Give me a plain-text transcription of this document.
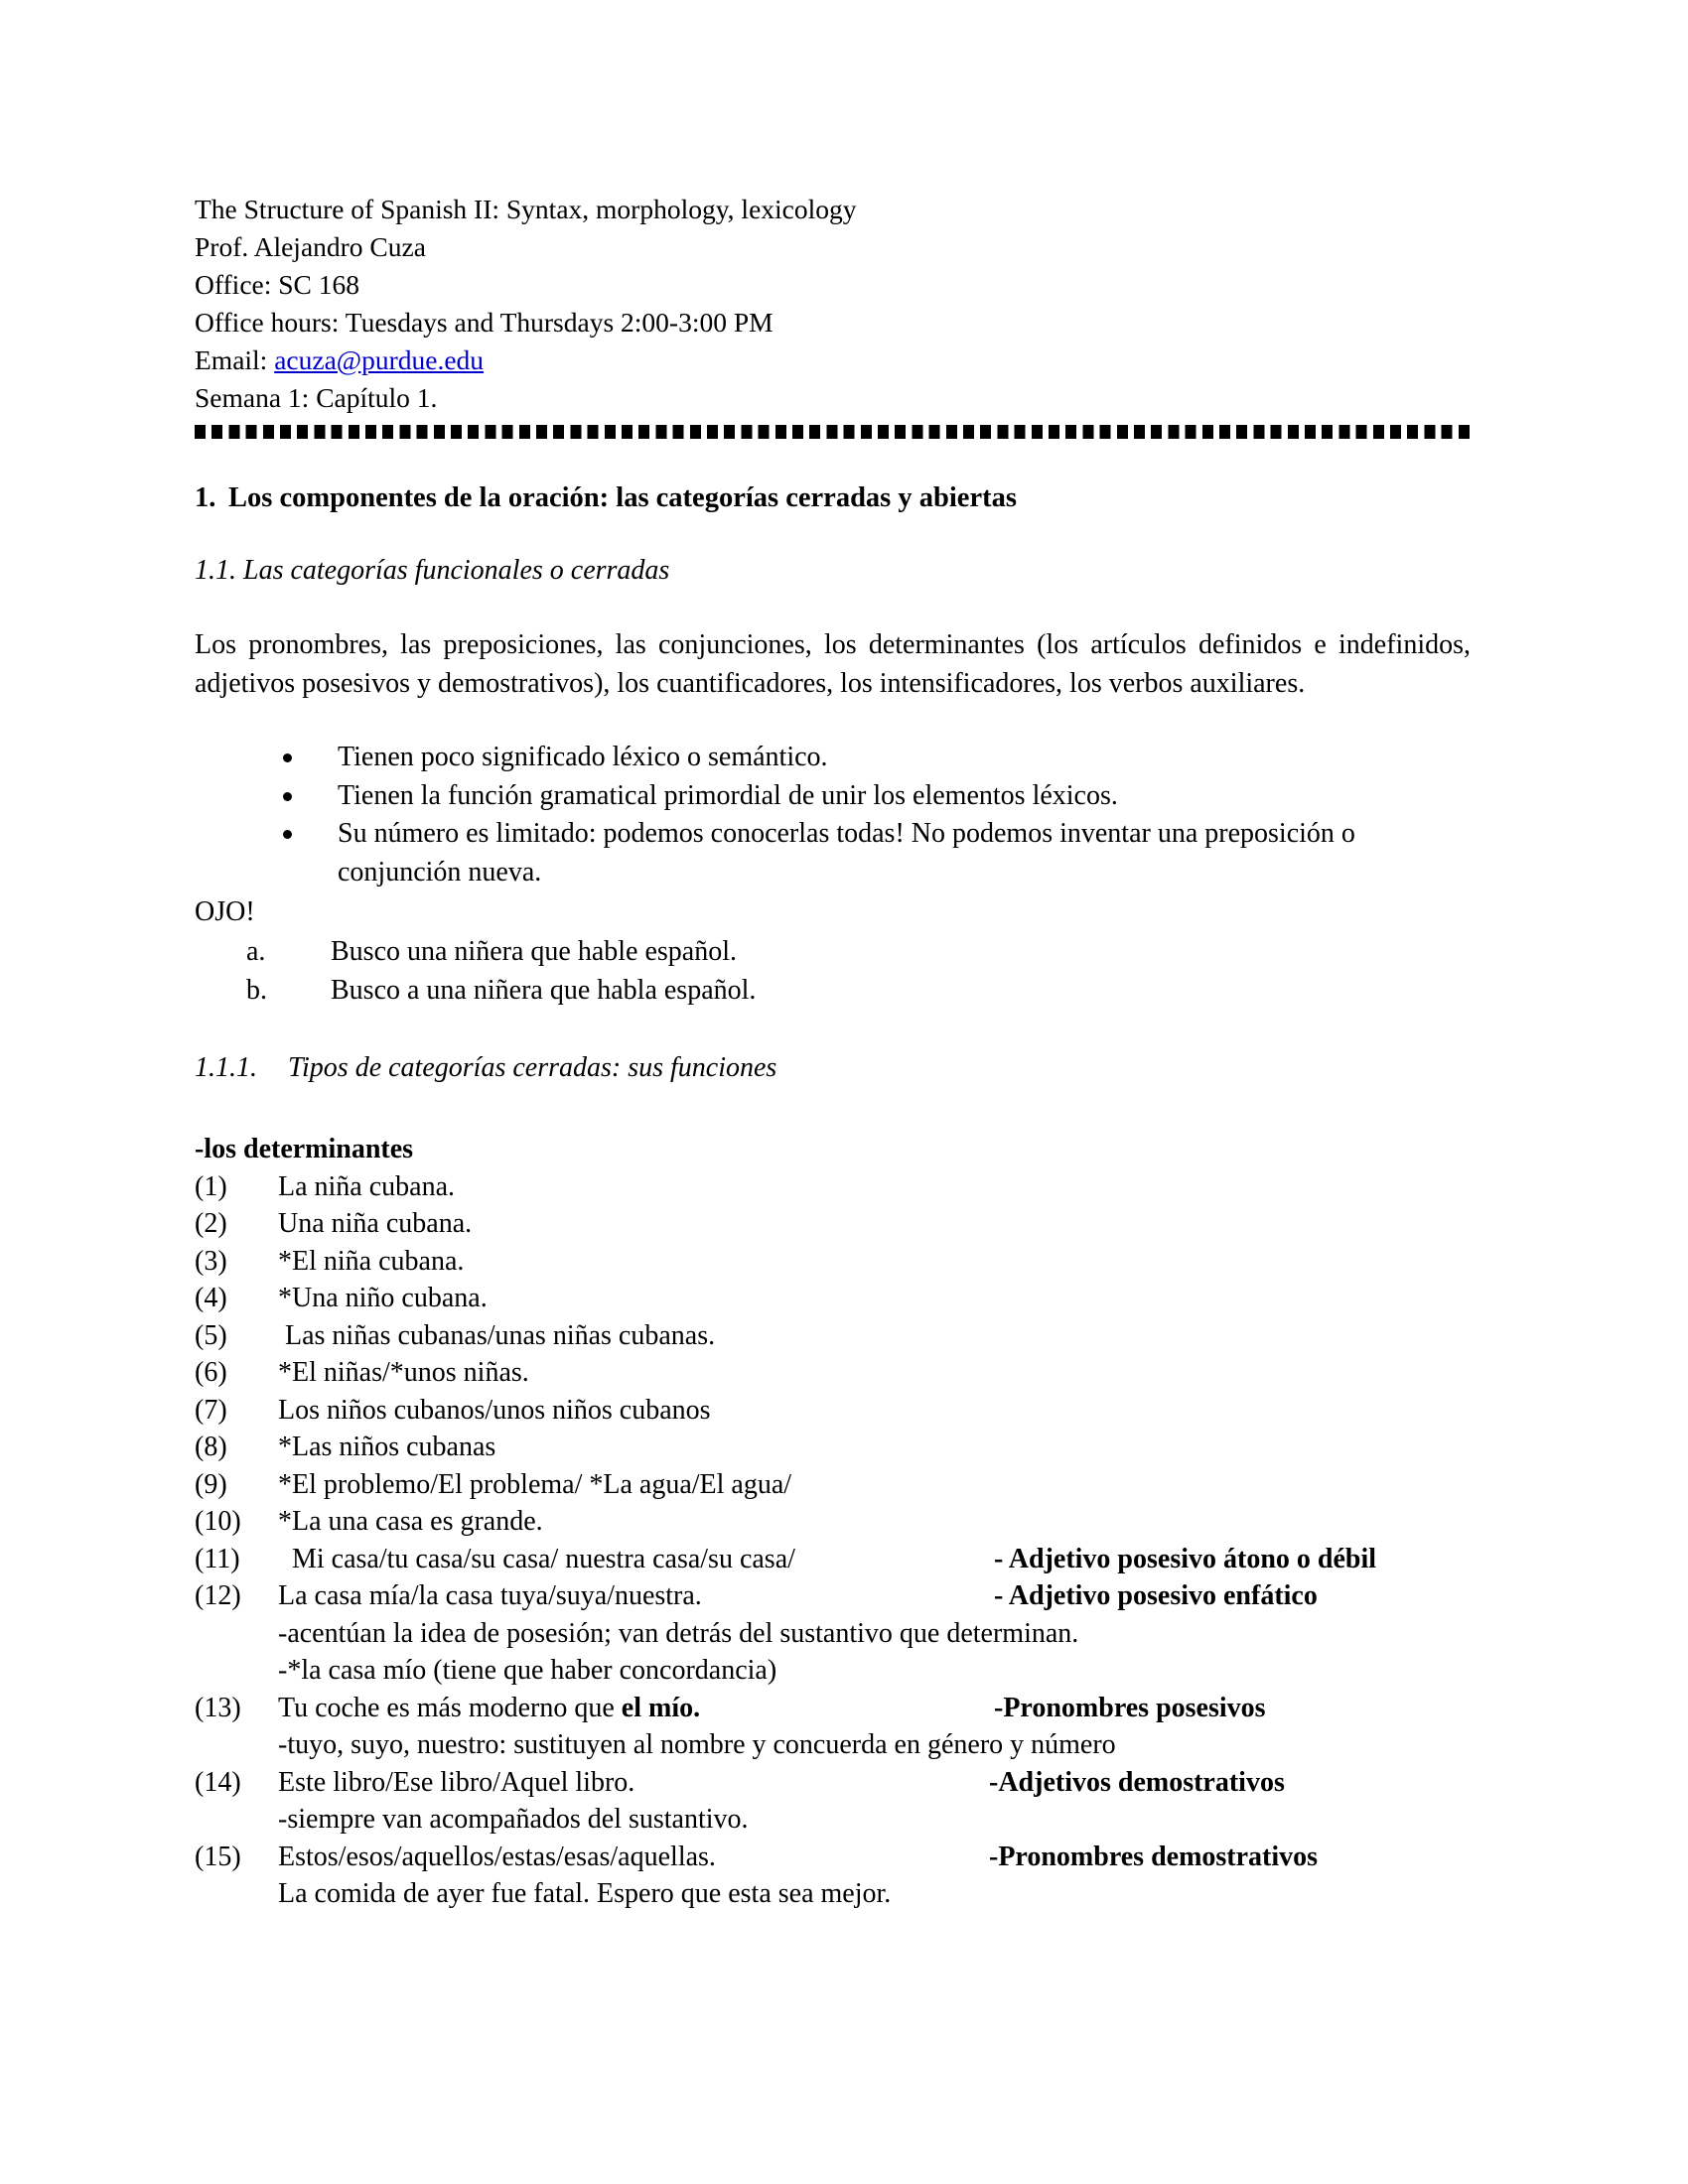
The Structure of Spanish II: Syntax, morphology, lexicology
Prof. Alejandro Cuza
Office: SC 168
Office hours: Tuesdays and Thursdays 2:00-3:00 PM
Email: acuza@purdue.edu
Semana 1: Capítulo 1.
1. Los componentes de la oración: las categorías cerradas y abiertas
1.1. Las categorías funcionales o cerradas
Los pronombres, las preposiciones, las conjunciones, los determinantes (los artículos definidos e indefinidos, adjetivos posesivos y demostrativos), los cuantificadores, los intensificadores, los verbos auxiliares.
Tienen poco significado léxico o semántico.
Tienen la función gramatical primordial de unir los elementos léxicos.
Su número es limitado: podemos conocerlas todas! No podemos inventar una preposición o conjunción nueva.
OJO!
a. Busco una niñera que hable español.
b. Busco a una niñera que habla español.
1.1.1. Tipos de categorías cerradas: sus funciones
-los determinantes
(1) La niña cubana.
(2) Una niña cubana.
(3) *El niña cubana.
(4) *Una niño cubana.
(5) Las niñas cubanas/unas niñas cubanas.
(6) *El niñas/*unos niñas.
(7) Los niños cubanos/unos niños cubanos
(8) *Las niños cubanas
(9) *El problemo/El problema/ *La agua/El agua/
(10) *La una casa es grande.
(11)  Mi casa/tu casa/su casa/ nuestra casa/su casa/	- Adjetivo posesivo átono o débil
(12) La casa mía/la casa tuya/suya/nuestra.	- Adjetivo posesivo enfático
-acentúan la idea de posesión; van detrás del sustantivo que determinan.
-*la casa mío (tiene que haber concordancia)
(13) Tu coche es más moderno que el mío.	-Pronombres posesivos
-tuyo, suyo, nuestro: sustituyen al nombre y concuerda en género y número
(14) Este libro/Ese libro/Aquel libro.	-Adjetivos demostrativos
-siempre van acompañados del sustantivo.
(15) Estos/esos/aquellos/estas/esas/aquellas.	-Pronombres demostrativos
La comida de ayer fue fatal. Espero que esta sea mejor.
